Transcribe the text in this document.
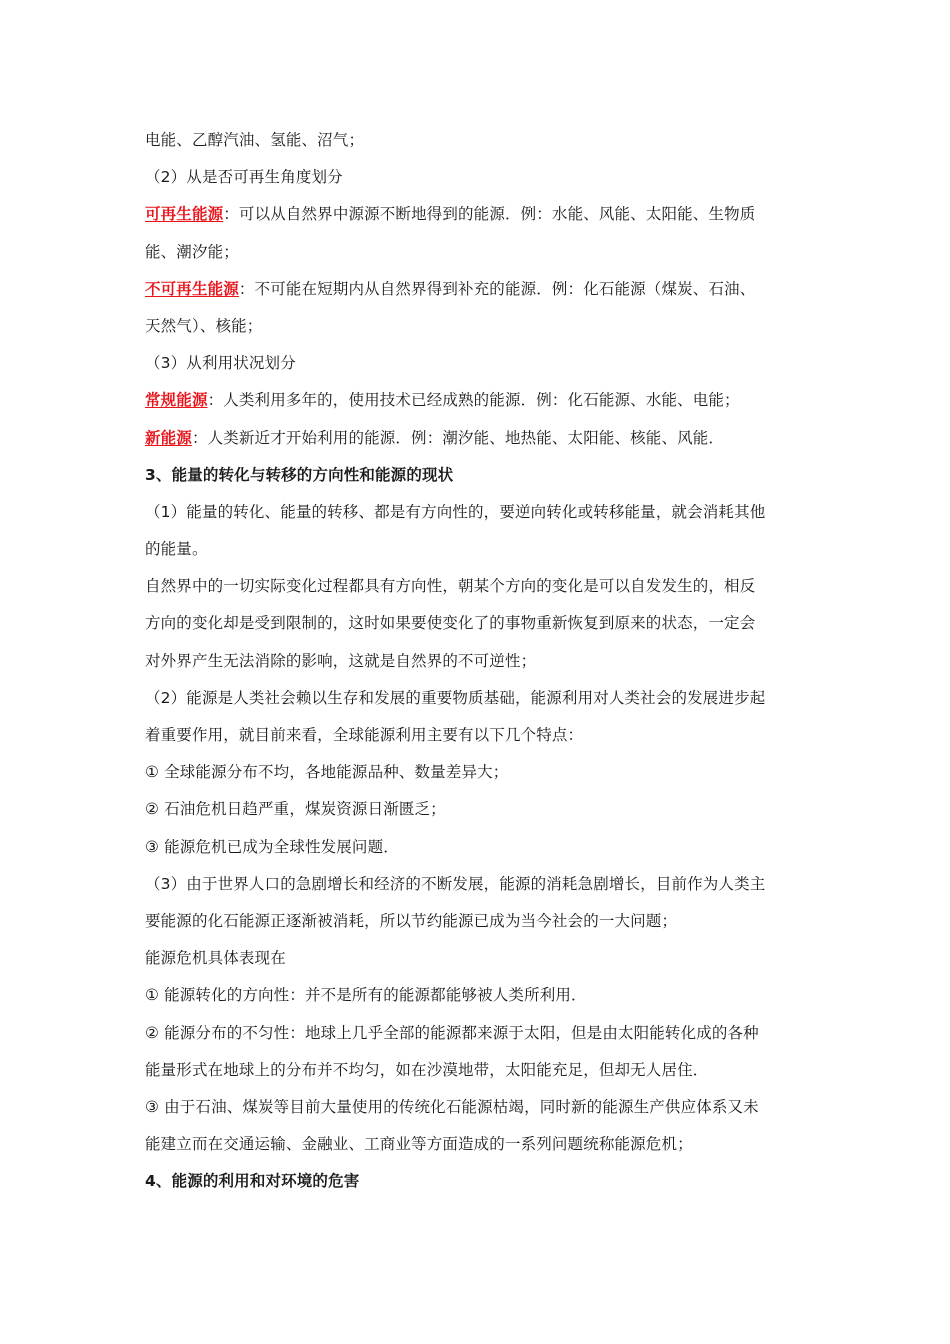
电能、乙醇汽油、氢能、沼气；
（2）从是否可再生角度划分
可再生能源：可以从自然界中源源不断地得到的能源．例：水能、风能、太阳能、生物质
能、潮汐能；
不可再生能源：不可能在短期内从自然界得到补充的能源．例：化石能源（煤炭、石油、
天然气）、核能；
（3）从利用状况划分
常规能源：人类利用多年的，使用技术已经成熟的能源．例：化石能源、水能、电能；
新能源：人类新近才开始利用的能源．例：潮汐能、地热能、太阳能、核能、风能．
3、能量的转化与转移的方向性和能源的现状
（1）能量的转化、能量的转移、都是有方向性的，要逆向转化或转移能量，就会消耗其他
的能量。
自然界中的一切实际变化过程都具有方向性，朝某个方向的变化是可以自发发生的，相反
方向的变化却是受到限制的，这时如果要使变化了的事物重新恢复到原来的状态，一定会
对外界产生无法消除的影响，这就是自然界的不可逆性；
（2）能源是人类社会赖以生存和发展的重要物质基础，能源利用对人类社会的发展进步起
着重要作用，就目前来看，全球能源利用主要有以下几个特点：
① 全球能源分布不均，各地能源品种、数量差异大；
② 石油危机日趋严重，煤炭资源日渐匮乏；
③ 能源危机已成为全球性发展问题．
（3）由于世界人口的急剧增长和经济的不断发展，能源的消耗急剧增长，目前作为人类主
要能源的化石能源正逐渐被消耗，所以节约能源已成为当今社会的一大问题；
能源危机具体表现在
① 能源转化的方向性：并不是所有的能源都能够被人类所利用．
② 能源分布的不匀性：地球上几乎全部的能源都来源于太阳，但是由太阳能转化成的各种
能量形式在地球上的分布并不均匀，如在沙漠地带，太阳能充足，但却无人居住．
③ 由于石油、煤炭等目前大量使用的传统化石能源枯竭，同时新的能源生产供应体系又未
能建立而在交通运输、金融业、工商业等方面造成的一系列问题统称能源危机；
4、能源的利用和对环境的危害
